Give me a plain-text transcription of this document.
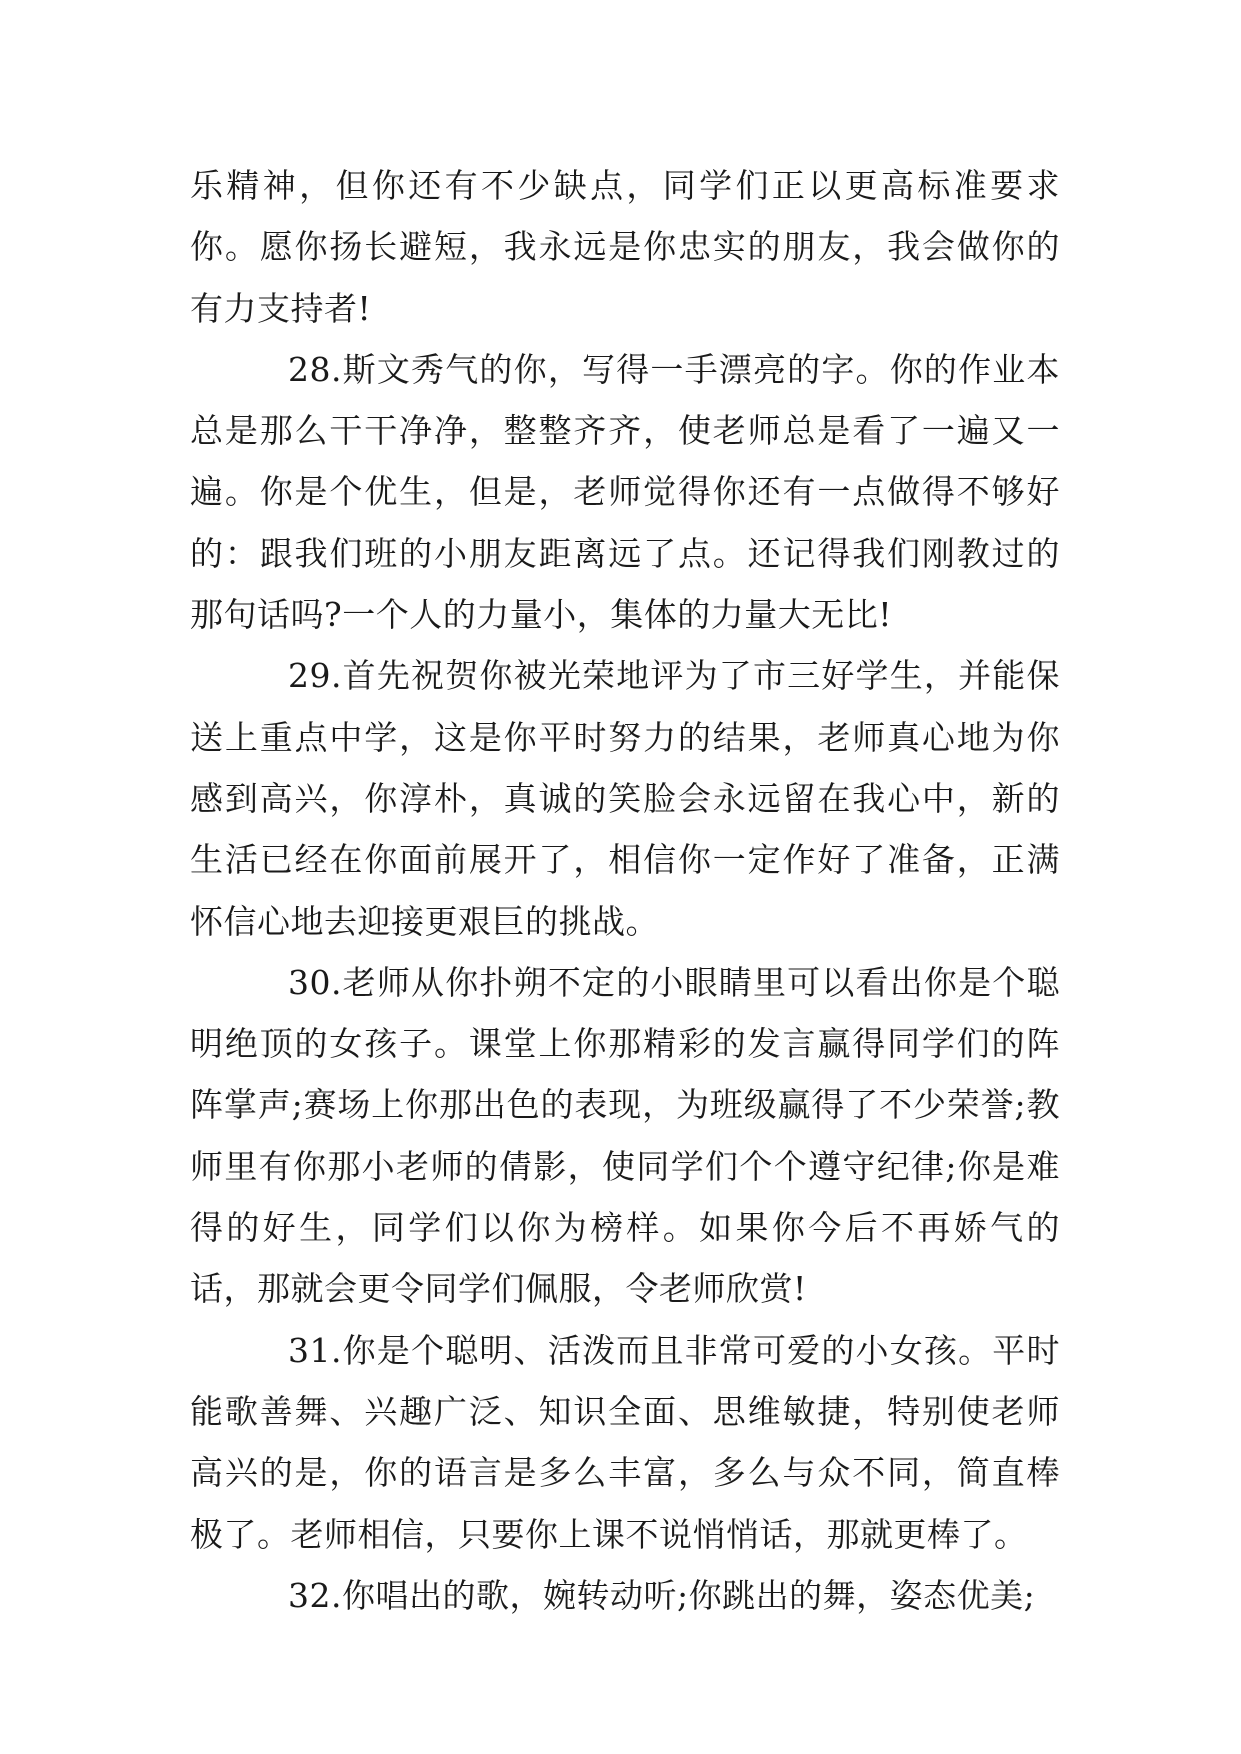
乐精神，但你还有不少缺点，同学们正以更高标准要求你。愿你扬长避短，我永远是你忠实的朋友，我会做你的有力支持者!

28.斯文秀气的你，写得一手漂亮的字。你的作业本总是那么干干净净，整整齐齐，使老师总是看了一遍又一遍。你是个优生，但是，老师觉得你还有一点做得不够好的：跟我们班的小朋友距离远了点。还记得我们刚教过的那句话吗?一个人的力量小，集体的力量大无比!

29.首先祝贺你被光荣地评为了市三好学生，并能保送上重点中学，这是你平时努力的结果，老师真心地为你感到高兴，你淳朴，真诚的笑脸会永远留在我心中，新的生活已经在你面前展开了，相信你一定作好了准备，正满怀信心地去迎接更艰巨的挑战。

30.老师从你扑朔不定的小眼睛里可以看出你是个聪明绝顶的女孩子。课堂上你那精彩的发言赢得同学们的阵阵掌声;赛场上你那出色的表现，为班级赢得了不少荣誉;教师里有你那小老师的倩影，使同学们个个遵守纪律;你是难得的好生，同学们以你为榜样。如果你今后不再娇气的话，那就会更令同学们佩服，令老师欣赏!

31.你是个聪明、活泼而且非常可爱的小女孩。平时能歌善舞、兴趣广泛、知识全面、思维敏捷，特别使老师高兴的是，你的语言是多么丰富，多么与众不同，简直棒极了。老师相信，只要你上课不说悄悄话，那就更棒了。

32.你唱出的歌，婉转动听;你跳出的舞，姿态优美;
